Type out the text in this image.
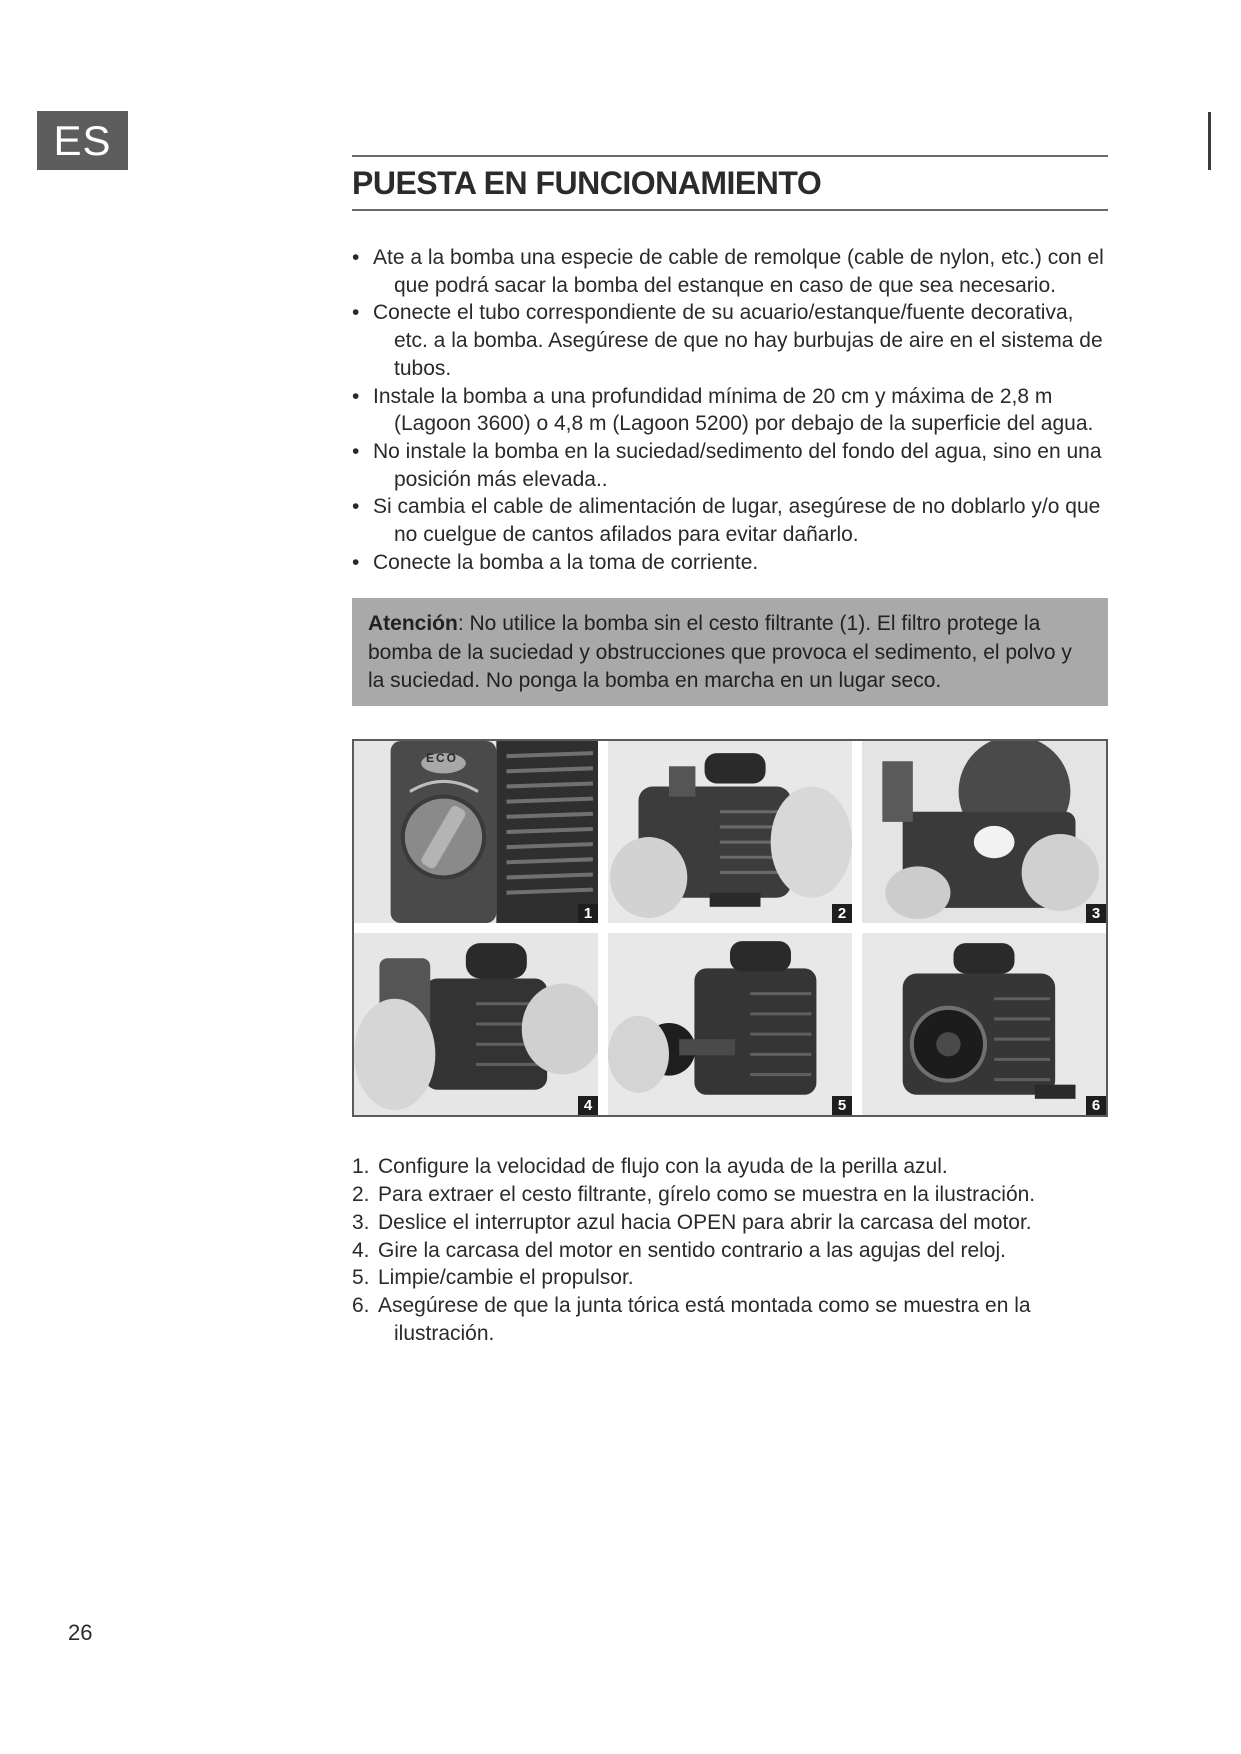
ES
PUESTA EN FUNCIONAMIENTO
• Ate a la bomba una especie de cable de remolque (cable de nylon, etc.) con el que podrá sacar la bomba del estanque en caso de que sea necesario.
• Conecte el tubo correspondiente de su acuario/estanque/fuente decorativa, etc. a la bomba. Asegúrese de que no hay burbujas de aire en el sistema de tubos.
• Instale la bomba a una profundidad mínima de 20 cm y máxima de 2,8 m (Lagoon 3600) o 4,8 m (Lagoon 5200) por debajo de la superficie del agua.
• No instale la bomba en la suciedad/sedimento del fondo del agua, sino en una posición más elevada..
• Si cambia el cable de alimentación de lugar, asegúrese de no doblarlo y/o que no cuelgue de cantos afilados para evitar dañarlo.
• Conecte la bomba a la toma de corriente.
Atención: No utilice la bomba sin el cesto filtrante (1). El filtro protege la bomba de la suciedad y obstrucciones que provoca el sedimento, el polvo y la suciedad. No ponga la bomba en marcha en un lugar seco.
ECO
1	2	3
4	5	6
1. Configure la velocidad de flujo con la ayuda de la perilla azul.
2. Para extraer el cesto filtrante, gírelo como se muestra en la ilustración.
3. Deslice el interruptor azul hacia OPEN para abrir la carcasa del motor.
4. Gire la carcasa del motor en sentido contrario a las agujas del reloj.
5. Limpie/cambie el propulsor.
6. Asegúrese de que la junta tórica está montada como se muestra en la ilustración.
26
